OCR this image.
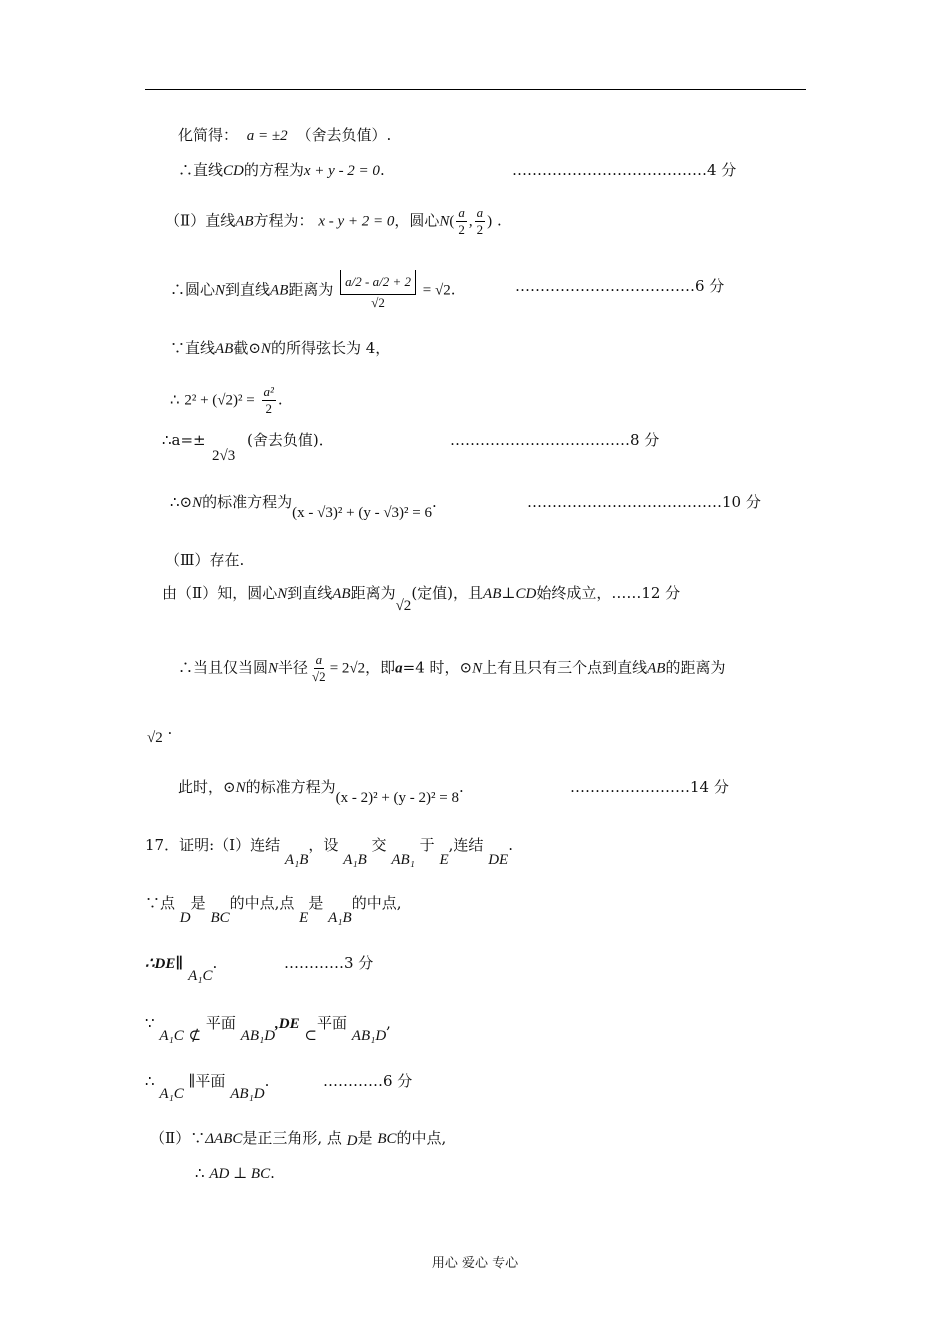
化简得： a = ±2 （舍去负值）.
∴直线CD的方程为x + y - 2 = 0.	…………………………………4 分
（Ⅱ）直线AB方程为： x - y + 2 = 0，圆心$N( \frac{a}{2}$ , $\frac{a}{2}$ ) .
∴圆心N到直线AB距离为 $\frac{a/2 - a/2 + 2}{√2} = √2$.	………………………………6 分
∵直线AB截⊙N的所得弦长为 4，
∴ $2^2 + (√2)^2 = \frac{\text{a²}}{2}$ .
∴a=±
2√3
(舍去负值)．	………………………………8 分
∴⊙N的标准方程为(x - √3)² + (y - √3)² = 6.	…………………………………10 分
（Ⅲ）存在.
由（Ⅱ）知，圆心N到直线AB距离为√2(定值)，且AB⊥CD始终成立，……12 分
∴当且仅当圆N半径 $\frac{a}{√2} = 2√2$，即a=4 时，⊙N上有且只有三个点到直线AB的距离为
√2 .
此时，⊙N的标准方程为(x - 2)² + (y - 2)² = 8.	……………………14 分
17．证明:（Ⅰ）连结 A₁B，设 A₁B 交 AB₁ 于 E,连结 DE.
∵点 D是 BC的中点,点 E是 A₁B的中点,
∴DE∥ A₁C.	…………3 分
∵ A₁C ⊄ 平面 AB₁D,DE ⊂平面 AB₁D,
∴ A₁C ∥平面 AB₁D.	…………6 分
（Ⅱ）∵ΔABC是正三角形, 点 D是 BC的中点,
∴ AD ⊥ BC.
用心 爱心 专心
